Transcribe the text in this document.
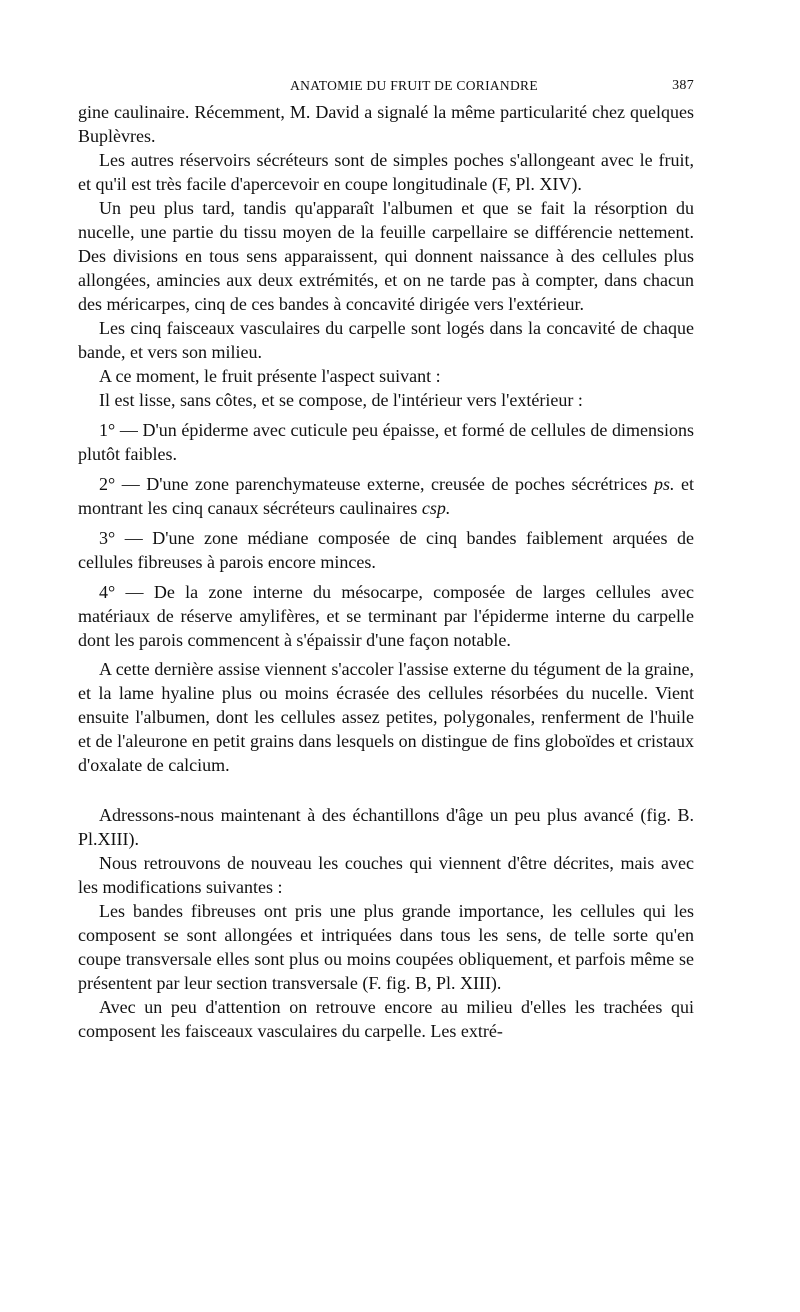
ANATOMIE DU FRUIT DE CORIANDRE	387

gine caulinaire. Récemment, M. David a signalé la même particularité chez quelques Buplèvres.

Les autres réservoirs sécréteurs sont de simples poches s'allongeant avec le fruit, et qu'il est très facile d'apercevoir en coupe longitudinale (F, Pl. XIV).

Un peu plus tard, tandis qu'apparaît l'albumen et que se fait la résorption du nucelle, une partie du tissu moyen de la feuille carpellaire se différencie nettement. Des divisions en tous sens apparaissent, qui donnent naissance à des cellules plus allongées, amincies aux deux extrémités, et on ne tarde pas à compter, dans chacun des méricarpes, cinq de ces bandes à concavité dirigée vers l'extérieur.

Les cinq faisceaux vasculaires du carpelle sont logés dans la concavité de chaque bande, et vers son milieu.

A ce moment, le fruit présente l'aspect suivant :

Il est lisse, sans côtes, et se compose, de l'intérieur vers l'extérieur :

1° — D'un épiderme avec cuticule peu épaisse, et formé de cellules de dimensions plutôt faibles.

2° — D'une zone parenchymateuse externe, creusée de poches sécrétrices ps. et montrant les cinq canaux sécréteurs caulinaires csp.

3° — D'une zone médiane composée de cinq bandes faiblement arquées de cellules fibreuses à parois encore minces.

4° — De la zone interne du mésocarpe, composée de larges cellules avec matériaux de réserve amylifères, et se terminant par l'épiderme interne du carpelle dont les parois commencent à s'épaissir d'une façon notable.

A cette dernière assise viennent s'accoler l'assise externe du tégument de la graine, et la lame hyaline plus ou moins écrasée des cellules résorbées du nucelle. Vient ensuite l'albumen, dont les cellules assez petites, polygonales, renferment de l'huile et de l'aleurone en petit grains dans lesquels on distingue de fins globoïdes et cristaux d'oxalate de calcium.

Adressons-nous maintenant à des échantillons d'âge un peu plus avancé (fig. B. Pl.XIII).

Nous retrouvons de nouveau les couches qui viennent d'être décrites, mais avec les modifications suivantes :

Les bandes fibreuses ont pris une plus grande importance, les cellules qui les composent se sont allongées et intriquées dans tous les sens, de telle sorte qu'en coupe transversale elles sont plus ou moins coupées obliquement, et parfois même se présentent par leur section transversale (F. fig. B, Pl. XIII).

Avec un peu d'attention on retrouve encore au milieu d'elles les trachées qui composent les faisceaux vasculaires du carpelle. Les extré-
